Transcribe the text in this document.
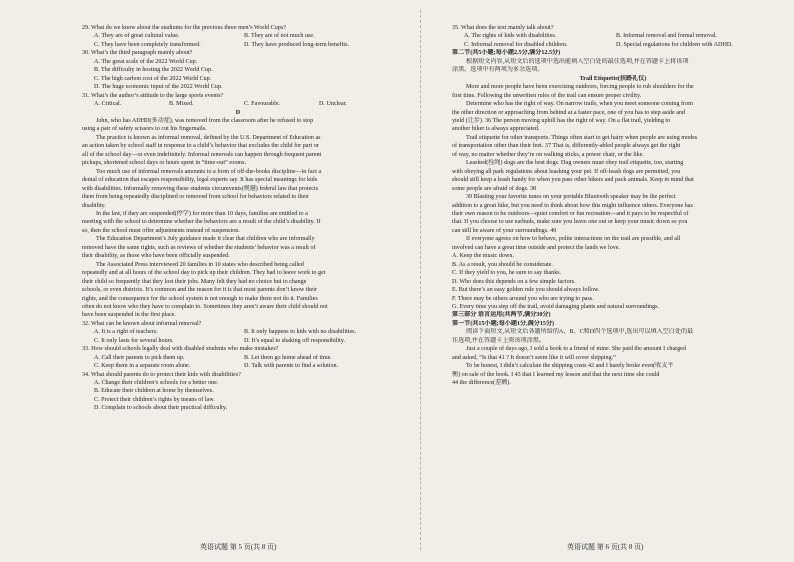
29. What do we know about the stadiums for the previous three men’s World Cups?
A. They are of great cultural value.	B. They are of not much use.
C. They have been completely transformed.	D. They have produced long-term benefits.
30. What’s the third paragraph mainly about?
A. The great scale of the 2022 World Cup.
B. The difficulty in hosting the 2022 World Cup.
C. The high carbon cost of the 2022 World Cup.
D. The huge economic input of the 2022 World Cup.
31. What’s the author’s attitude to the large sports events?
A. Critical.	B. Mixed.	C. Favourable.	D. Unclear.
D
John, who has ADHD(多动症), was removed from the classroom after he refused to stop
using a pair of safety scissors to cut his fingernails.
The practice is known as informal removal, defined by the U.S. Department of Education as
an action taken by school staff in response to a child’s behavior that excludes the child for part or
all of the school day—or even indefinitely. Informal removals can happen through frequent parent
pickups, shortened school days or hours spent in “time-out” rooms.
Too much use of informal removals amounts to a form of off-the-books discipline—in fact a
denial of education that escapes responsibility, legal experts say. It has special meanings for kids
with disabilities. Informally removing these students circumvents(规避) federal law that protects
them from being repeatedly disciplined or removed from school for behaviors related to their
disability.
In the law, if they are suspended(停学) for more than 10 days, families are entitled to a
meeting with the school to determine whether the behaviors are a result of the child’s disability. If
so, then the school must offer adjustments instead of suspension.
The Education Department’s July guidance made it clear that children who are informally
removed have the same rights, such as reviews of whether the students’ behavior was a result of
their disability, as those who have been officially suspended.
The Associated Press interviewed 20 families in 10 states who described being called
repeatedly and at all hours of the school day to pick up their children. They had to leave work to get
their child so frequently that they lost their jobs. Many felt they had no choice but to change
schools, or even districts. It’s common and the reason for it is that most parents don’t know their
rights, and the consequence for the school system is not enough to make them not do it. Families
often do not know who they have to complain to. Sometimes they aren’t aware their child should not
have been suspended in the first place.
32. What can be known about informal removal?
A. It is a right of teachers.	B. It only happens to kids with no disabilities.
C. It only lasts for several hours.	D. It’s equal to shaking off responsibility.
33. How should schools legally deal with disabled students who make mistakes?
A. Call their parents to pick them up.	B. Let them go home ahead of time.
C. Keep them in a separate room alone.	D. Talk with parents to find a solution.
34. What should parents do to protect their kids with disabilities?
A. Change their children’s schools for a better one.
B. Educate their children at home by themselves.
C. Protect their children’s rights by means of law.
D. Complain to schools about their practical difficulty.
35. What does the text mainly talk about?
A. The rights of kids with disabilities.	B. Informal removal and formal removal.
C. Informal removal for disabled children.	D. Special regulations for children with ADHD.
第二节(共5小题;每小题2.5分,满分12.5分)
根据短文内容,从短文后的选项中选出能填入空白处的最佳选项,并在答题卡上将该项
涂黑。选项中有两项为多余选项。
Trail Etiquette(扶路礼仪)
More and more people have been exercising outdoors, forcing people to rub shoulders for the
first time. Following the unwritten rules of the trail can ensure proper civility.
Determine who has the right of way. On narrow trails, when you meet someone coming from
the other direction or approaching from behind at a faster pace, one of you has to step aside and
yield (让步). 36 The person moving uphill has the right of way. On a flat trail, yielding to
another hiker is always appreciated.
Trail etiquette for other transports. Things often start to get hairy when people are using modes
of transportation other than their feet. 37 That is, differently-abled people always get the right
of way, no matter whether they’re on walking sticks, a power chair, or the like.
Leashed(拴绳) dogs are the best dogs. Dug owners must obey trail etiquette, too, starting
with obeying all park regulations about leashing your pet. If off-leash dogs are permitted, you
should still keep a leash handy for when you pass other hikers and pack animals. Keep in mind that
some people are afraid of dogs. 38
39 Blasting your favorite tunes on your portable Bluetooth speaker may be the perfect
addition to a great hike, but you need to think about how this might influence others. Everyone has
their own reason to be outdoors—quiet comfort or fun recreation—and it pays to be respectful of
that. If you choose to use earbuds, make sure you leave one out or keep your music down so you
can still be aware of your surroundings. 40
If everyone agrees on how to behave, polite interactions on the trail are possible, and all
involved can have a great time outside and protect the lands we love.
A. Keep the music down.
B. As a result, you should be considerate.
C. If they yield to you, be sure to say thanks.
D. Who does this depends on a few simple factors.
E. But there’s an easy golden rule you should always follow.
F. There may be others around you who are trying to pass.
G. Every time you step off the trail, avoid damaging plants and natural surroundings.
第三部分 语言运用(共两节,满分30分)
第一节(共15小题;每小题1分,满分15分)
阅读下面短文,从短文后各题所给的A、B、C和D四个选项中,选出可以填入空白处的最
佳选项,并在答题卡上将该项涂黑。
Just a couple of days ago, I sold a book to a friend of mine. She paid the amount I charged
and asked, “Is that 41 ? It doesn’t seem like it will cover shipping.”
To be honest, I didn’t calculate the shipping costs 42 and I barely broke even(收支平
衡) on sale of the book. I 43 that I learned my lesson and that the next time she could
44 the difference(差额).
英语试题 第 5 页(共 8 页)	英语试题 第 6 页(共 8 页)
